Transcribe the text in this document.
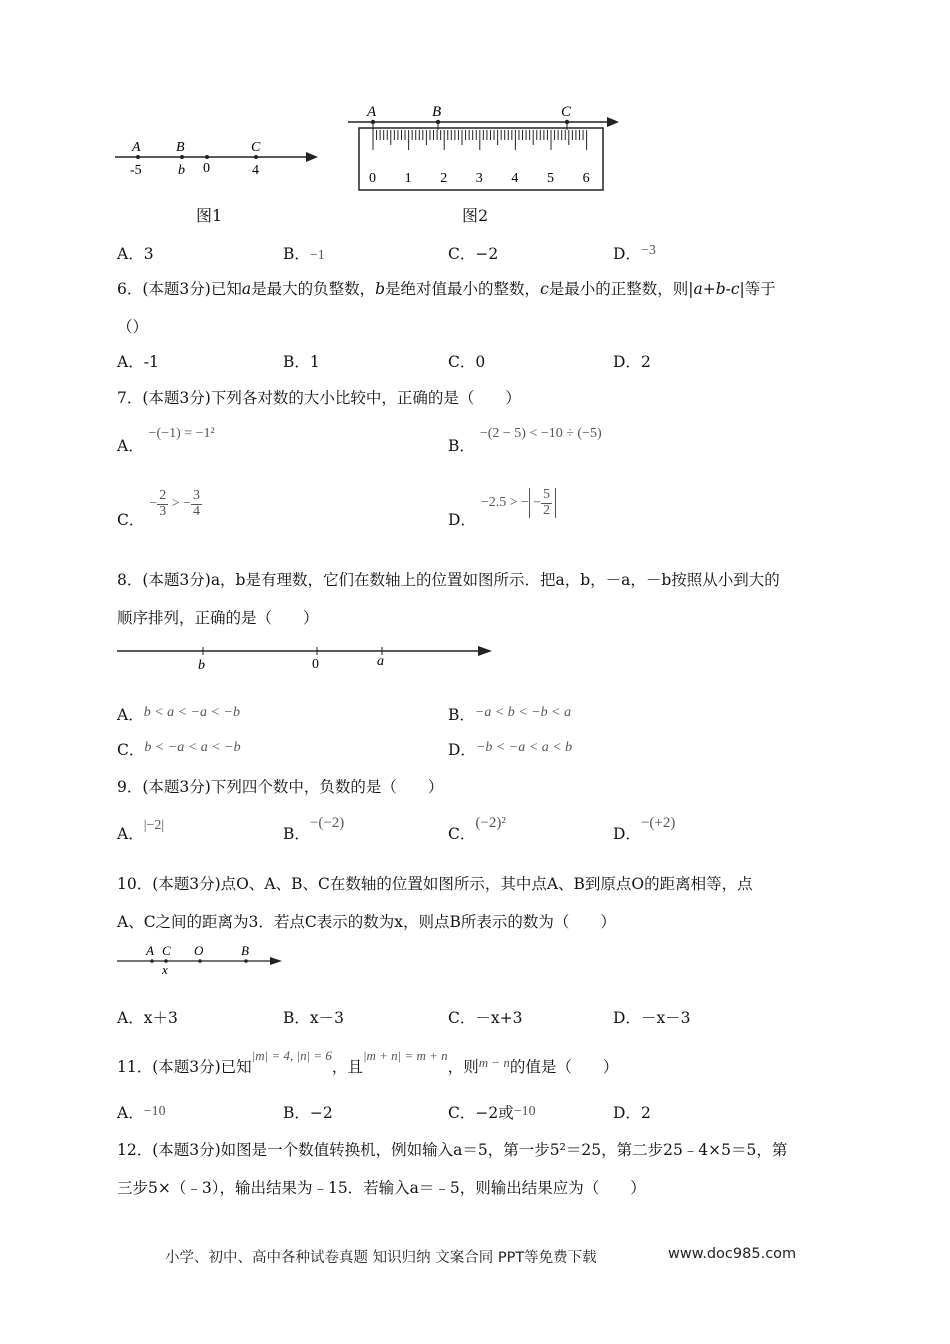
A	B	C
-5	b 0	4
图1
A	B	C
0 1 2 3 4 5 6
图2
A．3	B．−1	C．−2	D．−3
6．(本题3分)已知a是最大的负整数，b是绝对值最小的整数，c是最小的正整数，则|a+b-c|等于
（）
A．-1	B．1	C．0	D．2
7．(本题3分)下列各对数的大小比较中，正确的是（　　）
A． −(−1) = −1²
B． −(2 − 5) < −10 ÷ (−5)
C． − $\frac{2}{3}$ > − $\frac{3}{4}$
D． −2.5 > − − $\frac{5}{2}$
8．(本题3分)a，b是有理数，它们在数轴上的位置如图所示．把a，b，－a，－b按照从小到大的
顺序排列，正确的是（　　）
b	0	a
A．b < a < −a < −b	B．−a < b < −b < a
C．b < −a < a < −b	D．−b < −a < a < b
9．(本题3分)下列四个数中，负数的是（　　）
A．|−2|	B．−(−2)
C．(−2)²
D．−(+2)
10．(本题3分)点O、A、B、C在数轴的位置如图所示，其中点A、B到原点O的距离相等，点
A、C之间的距离为3．若点C表示的数为x，则点B所表示的数为（　　）
A C O	B
x
A．x＋3	B．x－3	C．－x+3	D．－x－3
11．(本题3分)已知$^{|m| = 4, |n| = 6}$，且$^{|m + n| = m + n}$，则$^{m - n}$的值是（　　）
A．−10	B．−2	C．−2或−10	D．2
12．(本题3分)如图是一个数值转换机，例如输入a＝5，第一步5²＝25，第二步25﹣4×5＝5，第
三步5×（﹣3），输出结果为﹣15．若输入a＝﹣5，则输出结果应为（　　）
小学、初中、高中各种试卷真题 知识归纳 文案合同 PPT等免费下载	www.doc985.com
